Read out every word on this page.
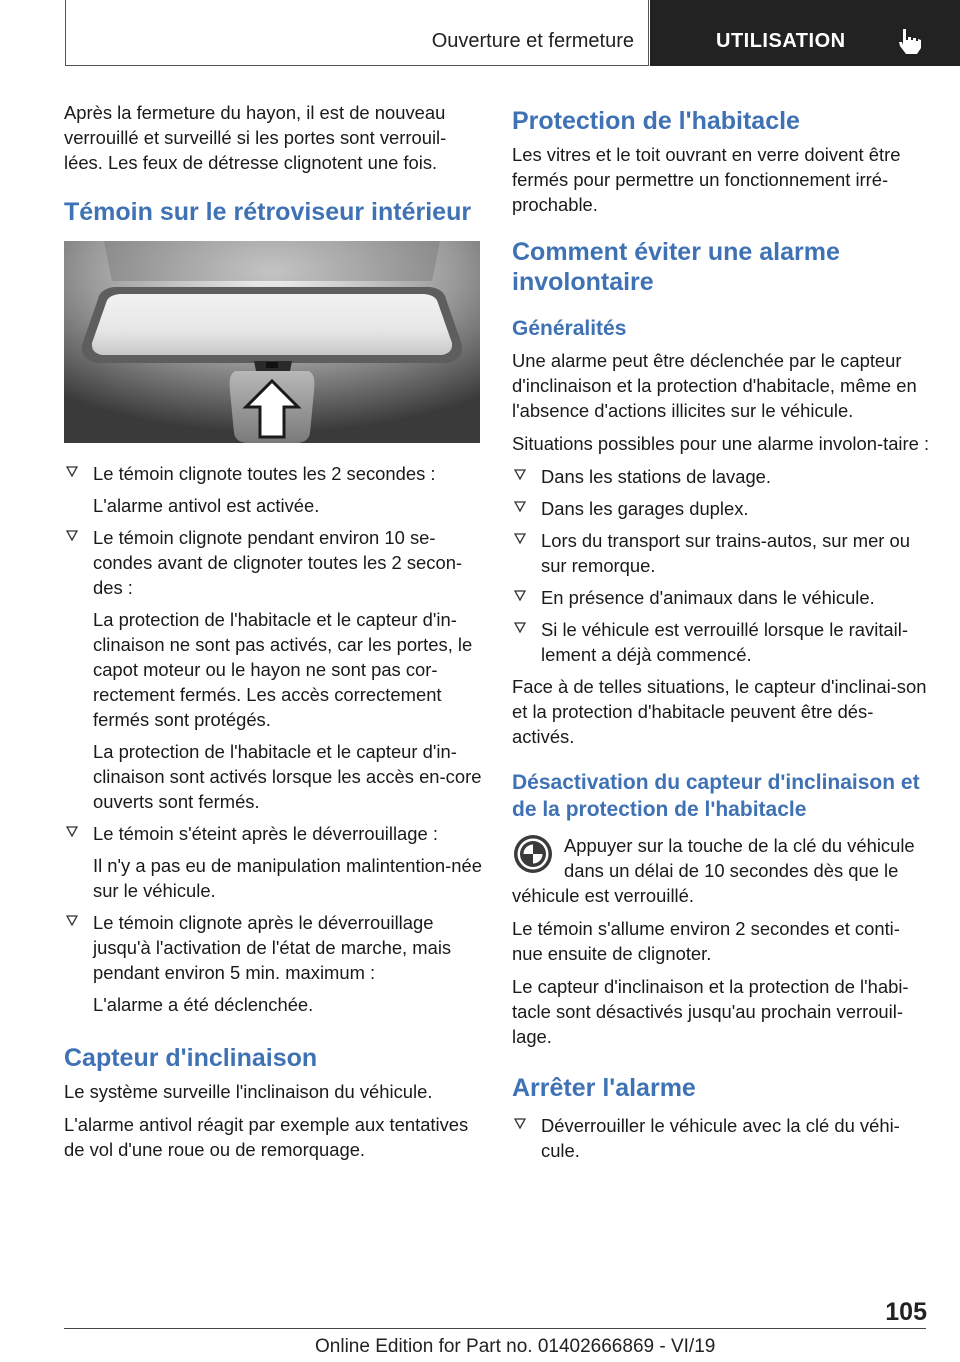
Ouverture et fermeture	UTILISATION

Après la fermeture du hayon, il est de nouveau verrouillé et surveillé si les portes sont verrouil-lées. Les feux de détresse clignotent une fois.

Témoin sur le rétroviseur intérieur
Le témoin clignote toutes les 2 secondes :
L'alarme antivol est activée.
Le témoin clignote pendant environ 10 se-condes avant de clignoter toutes les 2 secon-des :
La protection de l'habitacle et le capteur d'in-clinaison ne sont pas activés, car les portes, le capot moteur ou le hayon ne sont pas cor-rectement fermés. Les accès correctement fermés sont protégés.
La protection de l'habitacle et le capteur d'in-clinaison sont activés lorsque les accès en-core ouverts sont fermés.
Le témoin s'éteint après le déverrouillage :
Il n'y a pas eu de manipulation malintention-née sur le véhicule.
Le témoin clignote après le déverrouillage jusqu'à l'activation de l'état de marche, mais pendant environ 5 min. maximum :
L'alarme a été déclenchée.
Capteur d'inclinaison

Le système surveille l'inclinaison du véhicule.

L'alarme antivol réagit par exemple aux tentatives de vol d'une roue ou de remorquage.

Protection de l'habitacle

Les vitres et le toit ouvrant en verre doivent être fermés pour permettre un fonctionnement irré-prochable.

Comment éviter une alarme involontaire
Généralités

Une alarme peut être déclenchée par le capteur d'inclinaison et la protection d'habitacle, même en l'absence d'actions illicites sur le véhicule.

Situations possibles pour une alarme involon-taire :

Dans les stations de lavage.
Dans les garages duplex.
Lors du transport sur trains-autos, sur mer ou sur remorque.
En présence d'animaux dans le véhicule.
Si le véhicule est verrouillé lorsque le ravitail-lement a déjà commencé.

Face à de telles situations, le capteur d'inclinai-son et la protection d'habitacle peuvent être dés-activés.

Désactivation du capteur d'inclinaison et de la protection de l'habitacle
Appuyer sur la touche de la clé du véhicule dans un délai de 10 secondes dès que le véhicule est verrouillé.

Le témoin s'allume environ 2 secondes et conti-nue ensuite de clignoter.

Le capteur d'inclinaison et la protection de l'habi-tacle sont désactivés jusqu'au prochain verrouil-lage.

Arrêter l'alarme
Déverrouiller le véhicule avec la clé du véhi-cule.
105
Online Edition for Part no. 01402666869 - VI/19
